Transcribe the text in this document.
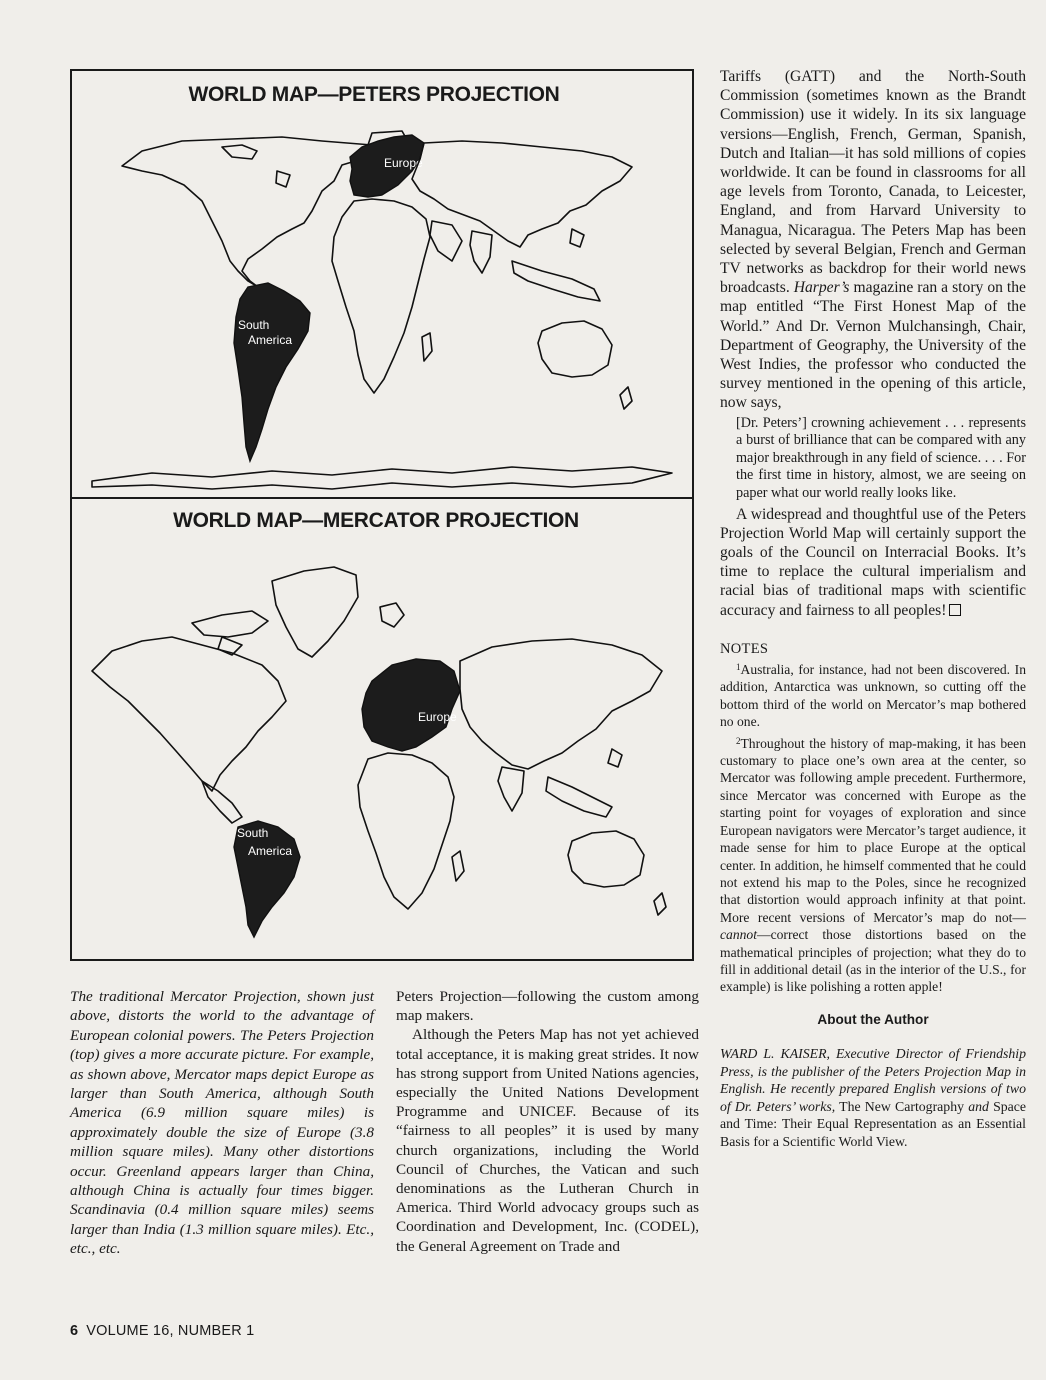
WORLD MAP—PETERS PROJECTION
South
America
Europe
WORLD MAP—MERCATOR PROJECTION
South
America
Europe
The traditional Mercator Projection, shown just above, distorts the world to the advantage of European colonial powers. The Peters Projection (top) gives a more accurate picture. For example, as shown above, Mercator maps depict Europe as larger than South America, although South America (6.9 million square miles) is approximately double the size of Europe (3.8 million square miles). Many other distortions occur. Greenland appears larger than China, although China is actually four times bigger. Scandinavia (0.4 million square miles) seems larger than India (1.3 million square miles). Etc., etc., etc.

Peters Projection—following the custom among map makers.

Although the Peters Map has not yet achieved total acceptance, it is making great strides. It now has strong support from United Nations agencies, especially the United Nations Development Programme and UNICEF. Because of its “fairness to all peoples” it is used by many church organizations, including the World Council of Churches, the Vatican and such denominations as the Lutheran Church in America. Third World advocacy groups such as Coordination and Development, Inc. (CODEL), the General Agreement on Trade and

Tariffs (GATT) and the North-South Commission (sometimes known as the Brandt Commission) use it widely. In its six language versions—English, French, German, Spanish, Dutch and Italian—it has sold millions of copies worldwide. It can be found in classrooms for all age levels from Toronto, Canada, to Leicester, England, and from Harvard University to Managua, Nicaragua. The Peters Map has been selected by several Belgian, French and German TV networks as backdrop for their world news broadcasts. Harper’s magazine ran a story on the map entitled “The First Honest Map of the World.” And Dr. Vernon Mulchansingh, Chair, Department of Geography, the University of the West Indies, the professor who conducted the survey mentioned in the opening of this article, now says,

[Dr. Peters’] crowning achievement . . . represents a burst of brilliance that can be compared with any major breakthrough in any field of science. . . . For the first time in history, almost, we are seeing on paper what our world really looks like.

A widespread and thoughtful use of the Peters Projection World Map will certainly support the goals of the Council on Interracial Books. It’s time to replace the cultural imperialism and racial bias of traditional maps with scientific accuracy and fairness to all peoples!

NOTES

$^1$Australia, for instance, had not been discovered. In addition, Antarctica was unknown, so cutting off the bottom third of the world on Mercator’s map bothered no one.

$^2$Throughout the history of map-making, it has been customary to place one’s own area at the center, so Mercator was following ample precedent. Furthermore, since Mercator was concerned with Europe as the starting point for voyages of exploration and since European navigators were Mercator’s target audience, it made sense for him to place Europe at the optical center. In addition, he himself commented that he could not extend his map to the Poles, since he recognized that distortion would approach infinity at that point. More recent versions of Mercator’s map do not—cannot—correct those distortions based on the mathematical principles of projection; what they do to fill in additional detail (as in the interior of the U.S., for example) is like polishing a rotten apple!

About the Author

WARD L. KAISER, Executive Director of Friendship Press, is the publisher of the Peters Projection Map in English. He recently prepared English versions of two of Dr. Peters’ works, The New Cartography and Space and Time: Their Equal Representation as an Essential Basis for a Scientific World View.

6 VOLUME 16, NUMBER 1
